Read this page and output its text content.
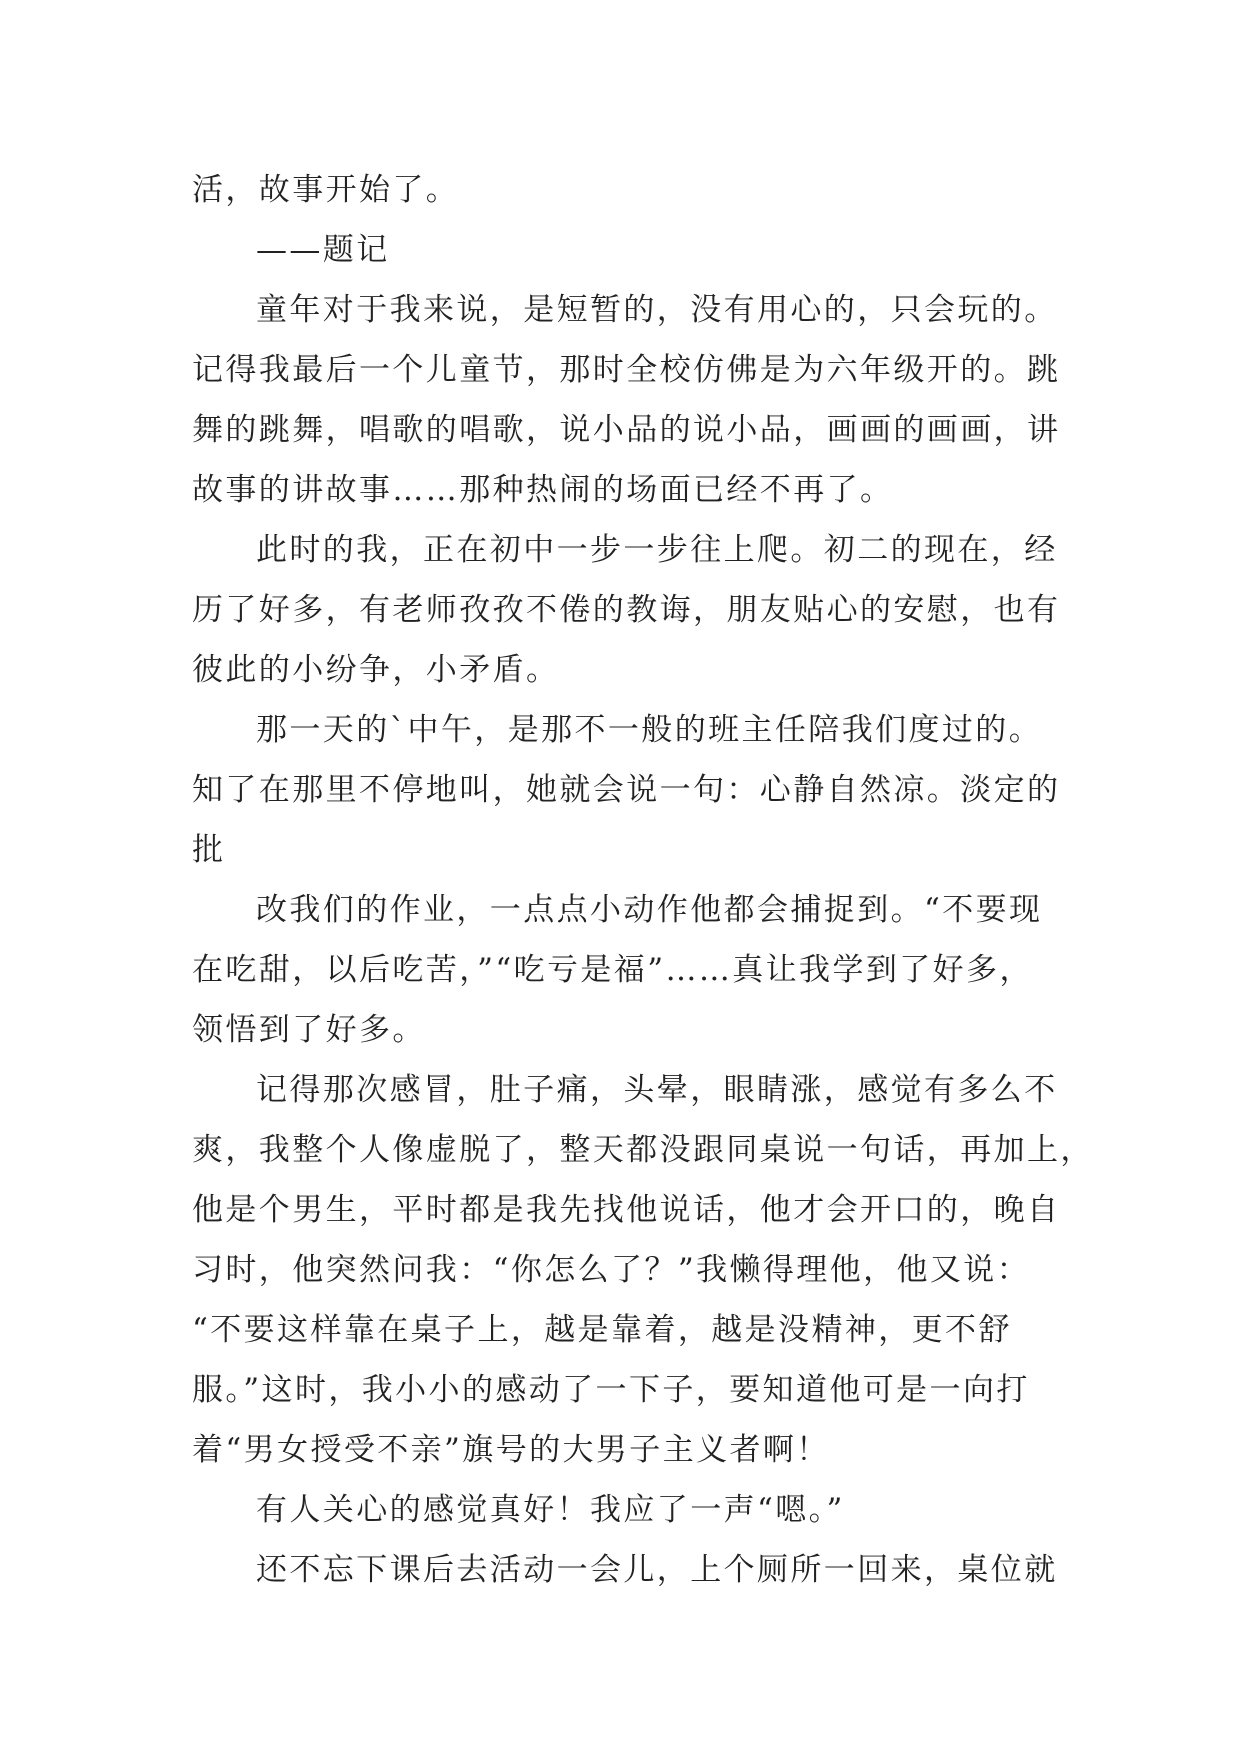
活，故事开始了。
——题记
童年对于我来说，是短暂的，没有用心的，只会玩的。
记得我最后一个儿童节，那时全校仿佛是为六年级开的。跳
舞的跳舞，唱歌的唱歌，说小品的说小品，画画的画画，讲
故事的讲故事……那种热闹的场面已经不再了。
此时的我，正在初中一步一步往上爬。初二的现在，经
历了好多，有老师孜孜不倦的教诲，朋友贴心的安慰，也有
彼此的小纷争，小矛盾。
那一天的`中午，是那不一般的班主任陪我们度过的。
知了在那里不停地叫，她就会说一句：心静自然凉。淡定的
批
改我们的作业，一点点小动作他都会捕捉到。“不要现
在吃甜，以后吃苦，”“吃亏是福”……真让我学到了好多，
领悟到了好多。
记得那次感冒，肚子痛，头晕，眼睛涨，感觉有多么不
爽，我整个人像虚脱了，整天都没跟同桌说一句话，再加上，
他是个男生，平时都是我先找他说话，他才会开口的，晚自
习时，他突然问我：“你怎么了？”我懒得理他，他又说：
“不要这样靠在桌子上，越是靠着，越是没精神，更不舒
服。”这时，我小小的感动了一下子，要知道他可是一向打
着“男女授受不亲”旗号的大男子主义者啊！
有人关心的感觉真好！我应了一声“嗯。”
还不忘下课后去活动一会儿，上个厕所一回来，桌位就
